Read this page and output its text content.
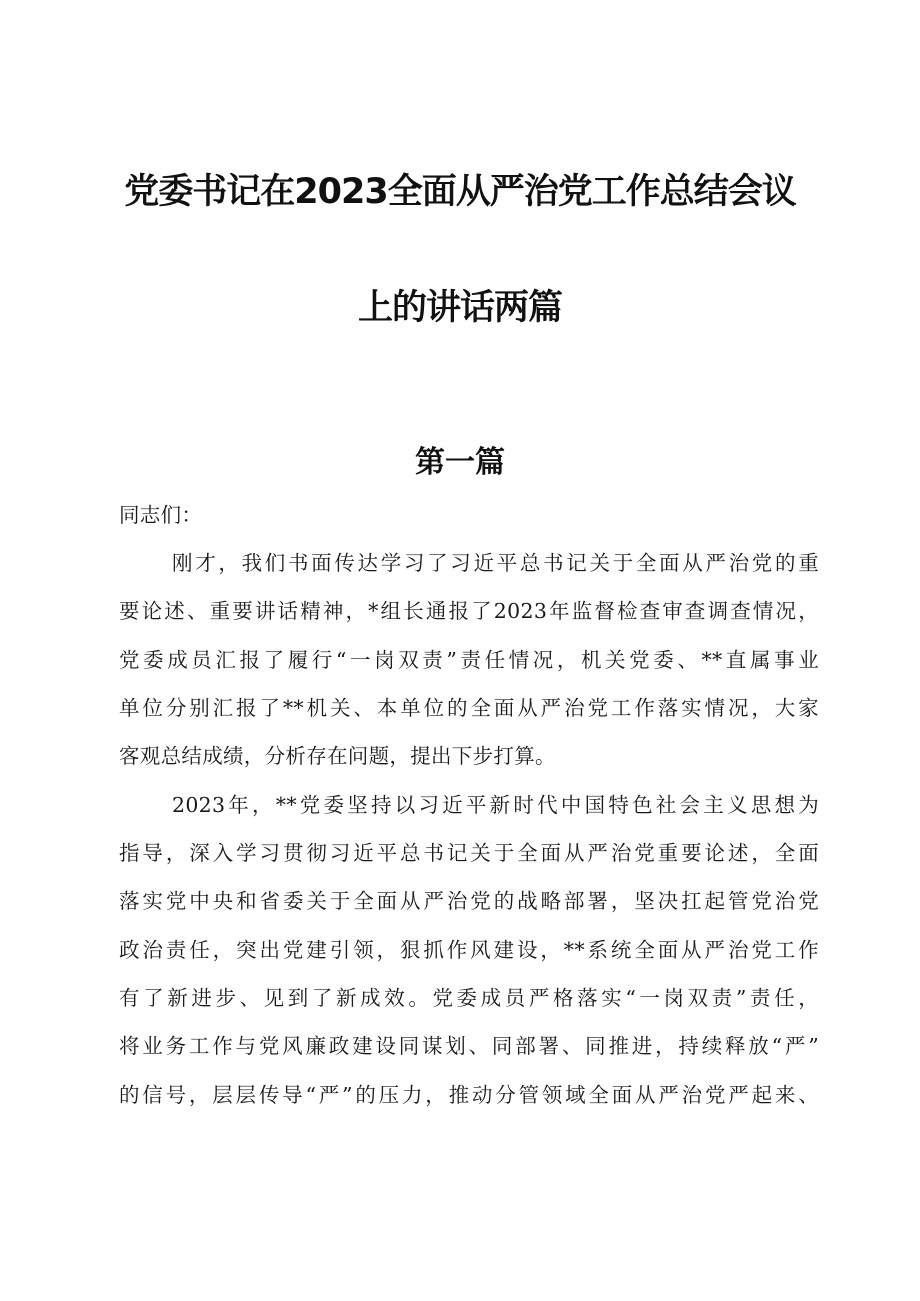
党委书记在2023全面从严治党工作总结会议
上的讲话两篇
第一篇
同志们：
刚才，我们书面传达学习了习近平总书记关于全面从严治党的重
要论述、重要讲话精神，*组长通报了2023年监督检查审查调查情况，
党委成员汇报了履行“一岗双责”责任情况，机关党委、**直属事业
单位分别汇报了**机关、本单位的全面从严治党工作落实情况，大家
客观总结成绩，分析存在问题，提出下步打算。
2023年，**党委坚持以习近平新时代中国特色社会主义思想为
指导，深入学习贯彻习近平总书记关于全面从严治党重要论述，全面
落实党中央和省委关于全面从严治党的战略部署，坚决扛起管党治党
政治责任，突出党建引领，狠抓作风建设，**系统全面从严治党工作
有了新进步、见到了新成效。党委成员严格落实“一岗双责”责任，
将业务工作与党风廉政建设同谋划、同部署、同推进，持续释放“严”
的信号，层层传导“严”的压力，推动分管领域全面从严治党严起来、
